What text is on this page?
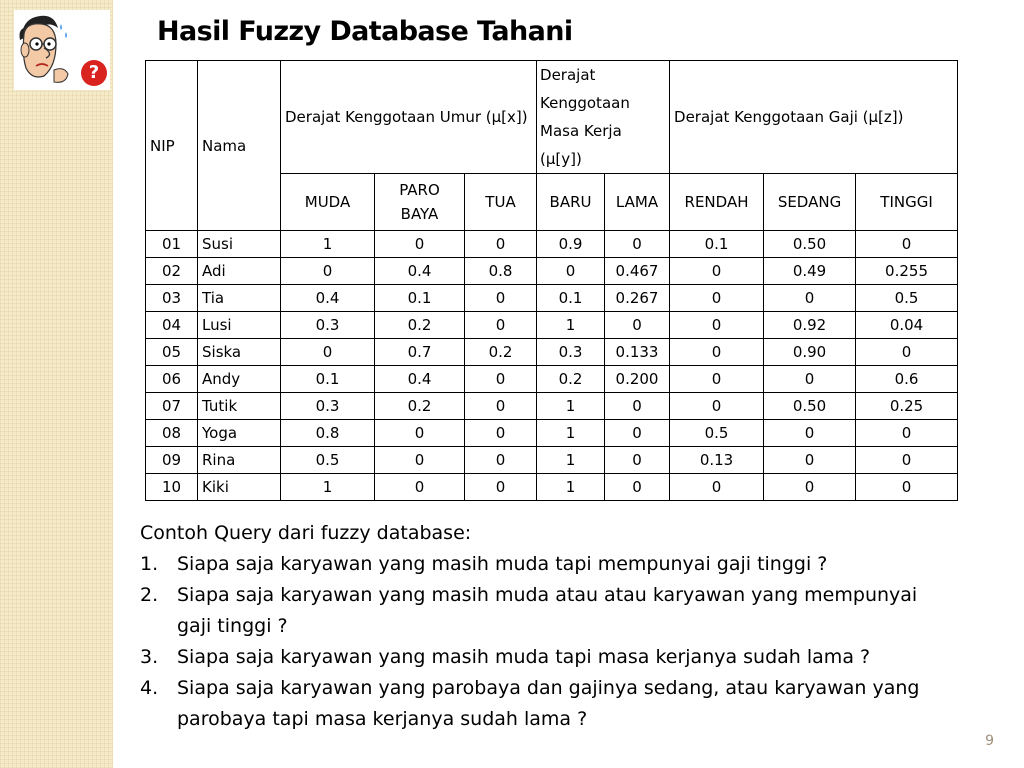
?
Hasil Fuzzy Database Tahani
NIP	Nama	Derajat Kenggotaan Umur (μ[x])			Derajat Kenggotaan Masa Kerja (μ[y])		Derajat Kenggotaan Gaji (μ[z])		
		MUDA	PARO BAYA	TUA	BARU	LAMA	RENDAH	SEDANG	TINGGI
01	Susi	1	0	0	0.9	0	0.1	0.50	0
02	Adi	0	0.4	0.8	0	0.467	0	0.49	0.255
03	Tia	0.4	0.1	0	0.1	0.267	0	0	0.5
04	Lusi	0.3	0.2	0	1	0	0	0.92	0.04
05	Siska	0	0.7	0.2	0.3	0.133	0	0.90	0
06	Andy	0.1	0.4	0	0.2	0.200	0	0	0.6
07	Tutik	0.3	0.2	0	1	0	0	0.50	0.25
08	Yoga	0.8	0	0	1	0	0.5	0	0
09	Rina	0.5	0	0	1	0	0.13	0	0
10	Kiki	1	0	0	1	0	0	0	0

Contoh Query dari fuzzy database:

1. Siapa saja karyawan yang masih muda tapi mempunyai gaji tinggi ?
2. Siapa saja karyawan yang masih muda atau atau karyawan yang mempunyai gaji tinggi ?
3. Siapa saja karyawan yang masih muda tapi masa kerjanya sudah lama ?
4. Siapa saja karyawan yang parobaya dan gajinya sedang, atau karyawan yang parobaya tapi masa kerjanya sudah lama ?
9
